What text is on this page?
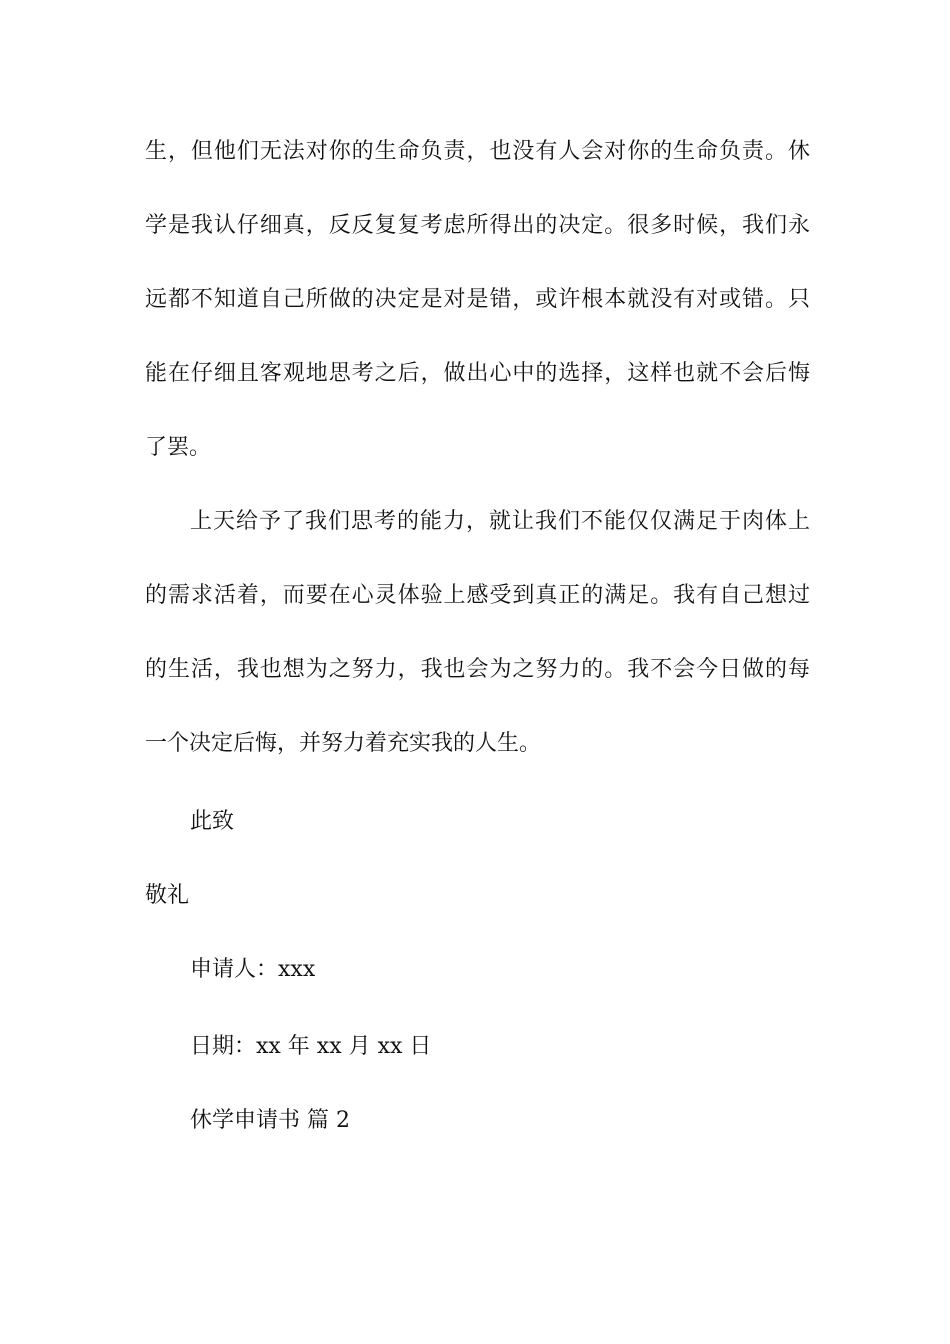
生，但他们无法对你的生命负责，也没有人会对你的生命负责。休
学是我认仔细真，反反复复考虑所得出的决定。很多时候，我们永
远都不知道自己所做的决定是对是错，或许根本就没有对或错。只
能在仔细且客观地思考之后，做出心中的选择，这样也就不会后悔
了罢。
上天给予了我们思考的能力，就让我们不能仅仅满足于肉体上
的需求活着，而要在心灵体验上感受到真正的满足。我有自己想过
的生活，我也想为之努力，我也会为之努力的。我不会今日做的每
一个决定后悔，并努力着充实我的人生。
此致
敬礼
申请人：xxx
日期：xx 年 xx 月 xx 日
休学申请书 篇 2
